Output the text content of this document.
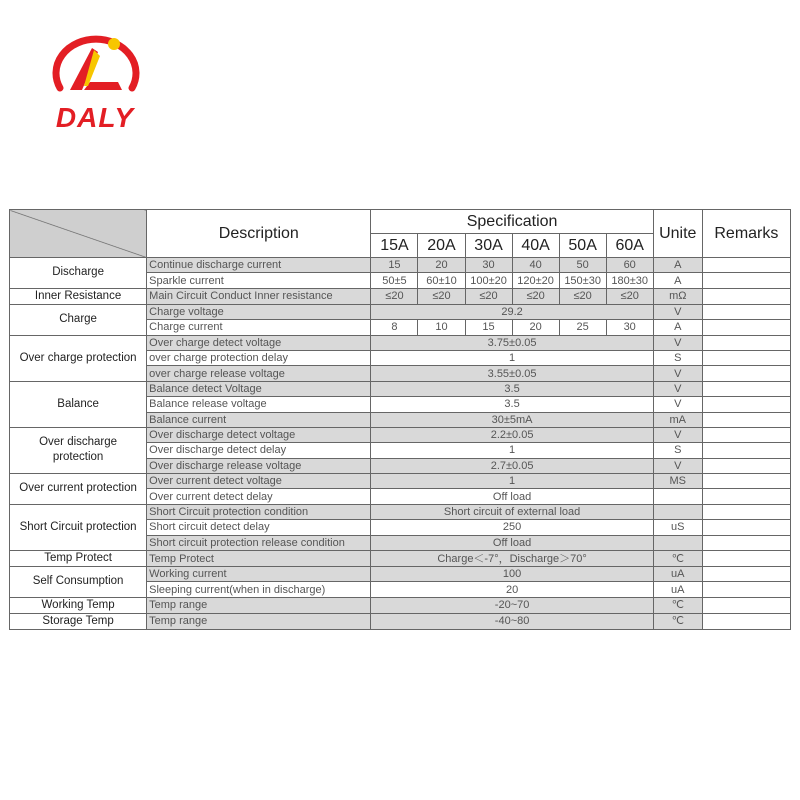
DALY
	Description	Specification						Unite	Remarks
		15A	20A	30A	40A	50A	60A		
Discharge	Continue discharge current	15	20	30	40	50	60	A	
	Sparkle current	50±5	60±10	100±20	120±20	150±30	180±30	A	
Inner Resistance	Main Circuit Conduct Inner resistance	≤20	≤20	≤20	≤20	≤20	≤20	mΩ	
Charge	Charge voltage	29.2						V	
	Charge current	8	10	15	20	25	30	A	
Over charge protection	Over charge detect voltage	3.75±0.05						V	
	over charge protection delay	1						S	
	over charge release voltage	3.55±0.05						V	
Balance	Balance detect Voltage	3.5						V	
	Balance release voltage	3.5						V	
	Balance current	30±5mA						mA	
Over discharge protection	Over discharge detect voltage	2.2±0.05						V	
	Over discharge detect delay	1						S	
	Over discharge release voltage	2.7±0.05						V	
Over current protection	Over current detect voltage	1						MS	
	Over current detect delay	Off load							
Short Circuit protection	Short Circuit protection condition	Short circuit of external load							
	Short circuit detect delay	250						uS	
	Short circuit protection release condition	Off load							
Temp Protect	Temp Protect	Charge＜-7°，Discharge＞70°						℃	
Self Consumption	Working current	100						uA	
	Sleeping current(when in discharge)	20						uA	
Working Temp	Temp range	-20~70						℃	
Storage Temp	Temp range	-40~80						℃	
